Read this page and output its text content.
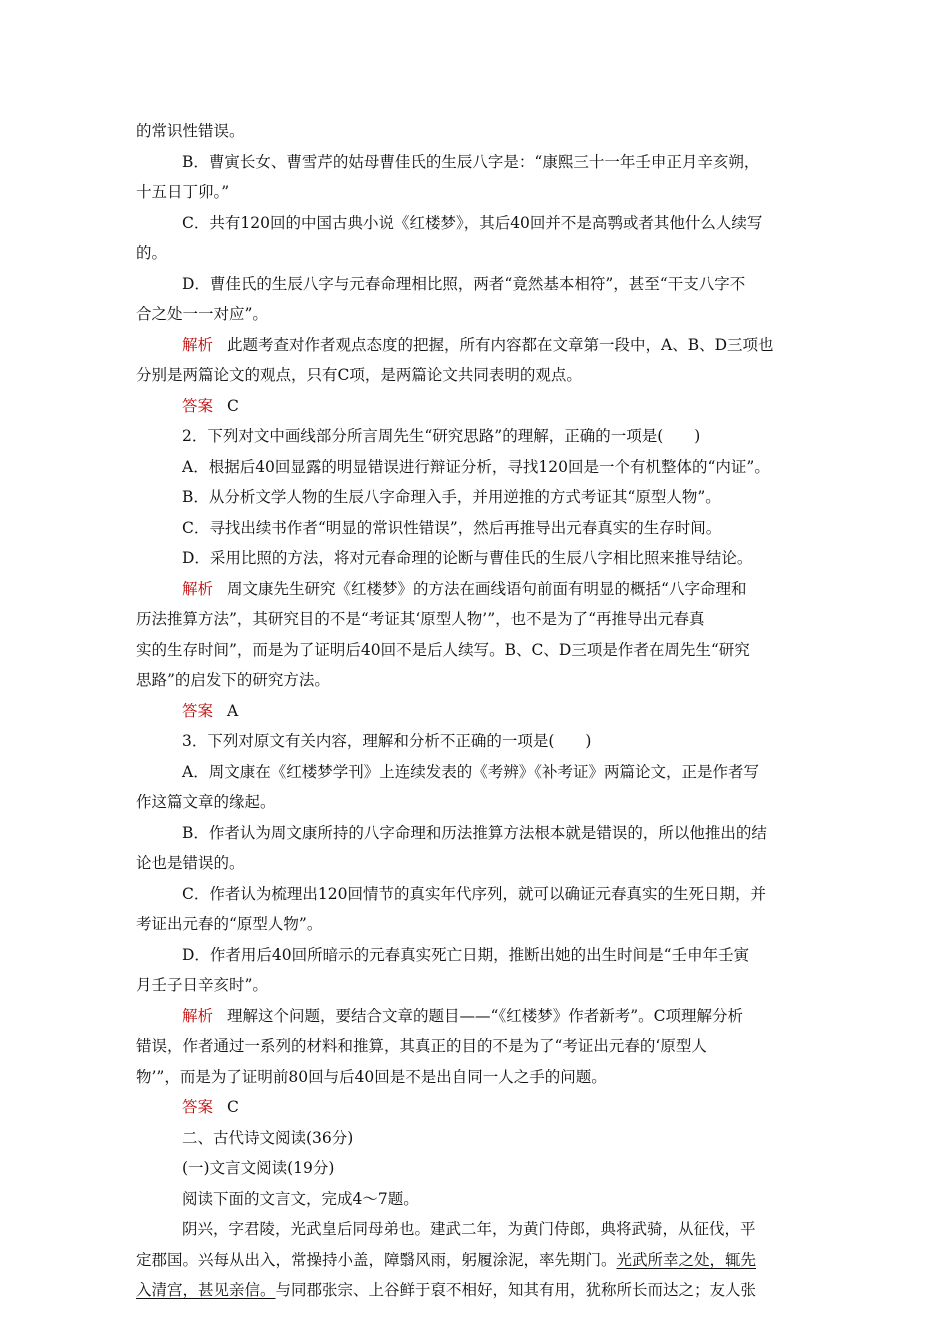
的常识性错误。
B．曹寅长女、曹雪芹的姑母曹佳氏的生辰八字是：“康熙三十一年壬申正月辛亥朔，
十五日丁卯。”
C．共有120回的中国古典小说《红楼梦》，其后40回并不是高鹗或者其他什么人续写
的。
D．曹佳氏的生辰八字与元春命理相比照，两者“竟然基本相符”，甚至“干支八字不
合之处一一对应”。
解析 此题考查对作者观点态度的把握，所有内容都在文章第一段中，A、B、D三项也
分别是两篇论文的观点，只有C项，是两篇论文共同表明的观点。
答案 C
2．下列对文中画线部分所言周先生“研究思路”的理解，正确的一项是(　　)
A．根据后40回显露的明显错误进行辩证分析，寻找120回是一个有机整体的“内证”。
B．从分析文学人物的生辰八字命理入手，并用逆推的方式考证其“原型人物”。
C．寻找出续书作者“明显的常识性错误”，然后再推导出元春真实的生存时间。
D．采用比照的方法，将对元春命理的论断与曹佳氏的生辰八字相比照来推导结论。
解析 周文康先生研究《红楼梦》的方法在画线语句前面有明显的概括“八字命理和
历法推算方法”，其研究目的不是“考证其‘原型人物’”，也不是为了“再推导出元春真
实的生存时间”，而是为了证明后40回不是后人续写。B、C、D三项是作者在周先生“研究
思路”的启发下的研究方法。
答案 A
3．下列对原文有关内容，理解和分析不正确的一项是(　　)
A．周文康在《红楼梦学刊》上连续发表的《考辨》《补考证》两篇论文，正是作者写
作这篇文章的缘起。
B．作者认为周文康所持的八字命理和历法推算方法根本就是错误的，所以他推出的结
论也是错误的。
C．作者认为梳理出120回情节的真实年代序列，就可以确证元春真实的生死日期，并
考证出元春的“原型人物”。
D．作者用后40回所暗示的元春真实死亡日期，推断出她的出生时间是“壬申年壬寅
月壬子日辛亥时”。
解析 理解这个问题，要结合文章的题目——“《红楼梦》作者新考”。C项理解分析
错误，作者通过一系列的材料和推算，其真正的目的不是为了“考证出元春的‘原型人
物’”，而是为了证明前80回与后40回是不是出自同一人之手的问题。
答案 C
二、古代诗文阅读(36分)
(一)文言文阅读(19分)
阅读下面的文言文，完成4～7题。
阴兴，字君陵，光武皇后同母弟也。建武二年，为黄门侍郎，典将武骑，从征伐，平
定郡国。兴每从出入，常操持小盖，障翳风雨，躬履涂泥，率先期门。光武所幸之处，辄先
入清宫，甚见亲信。与同郡张宗、上谷鲜于裒不相好，知其有用，犹称所长而达之；友人张
